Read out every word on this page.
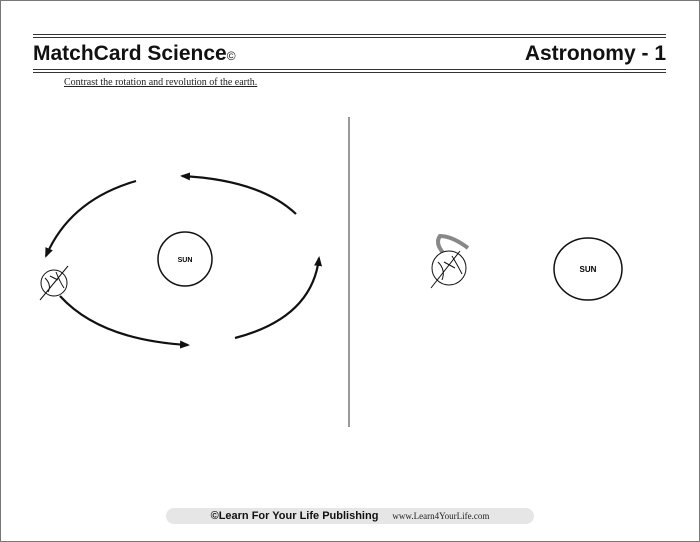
MatchCard Science©	Astronomy - 1
Contrast the rotation and revolution of the earth.
SUN
SUN
©Learn For Your Life Publishing www.Learn4YourLife.com
